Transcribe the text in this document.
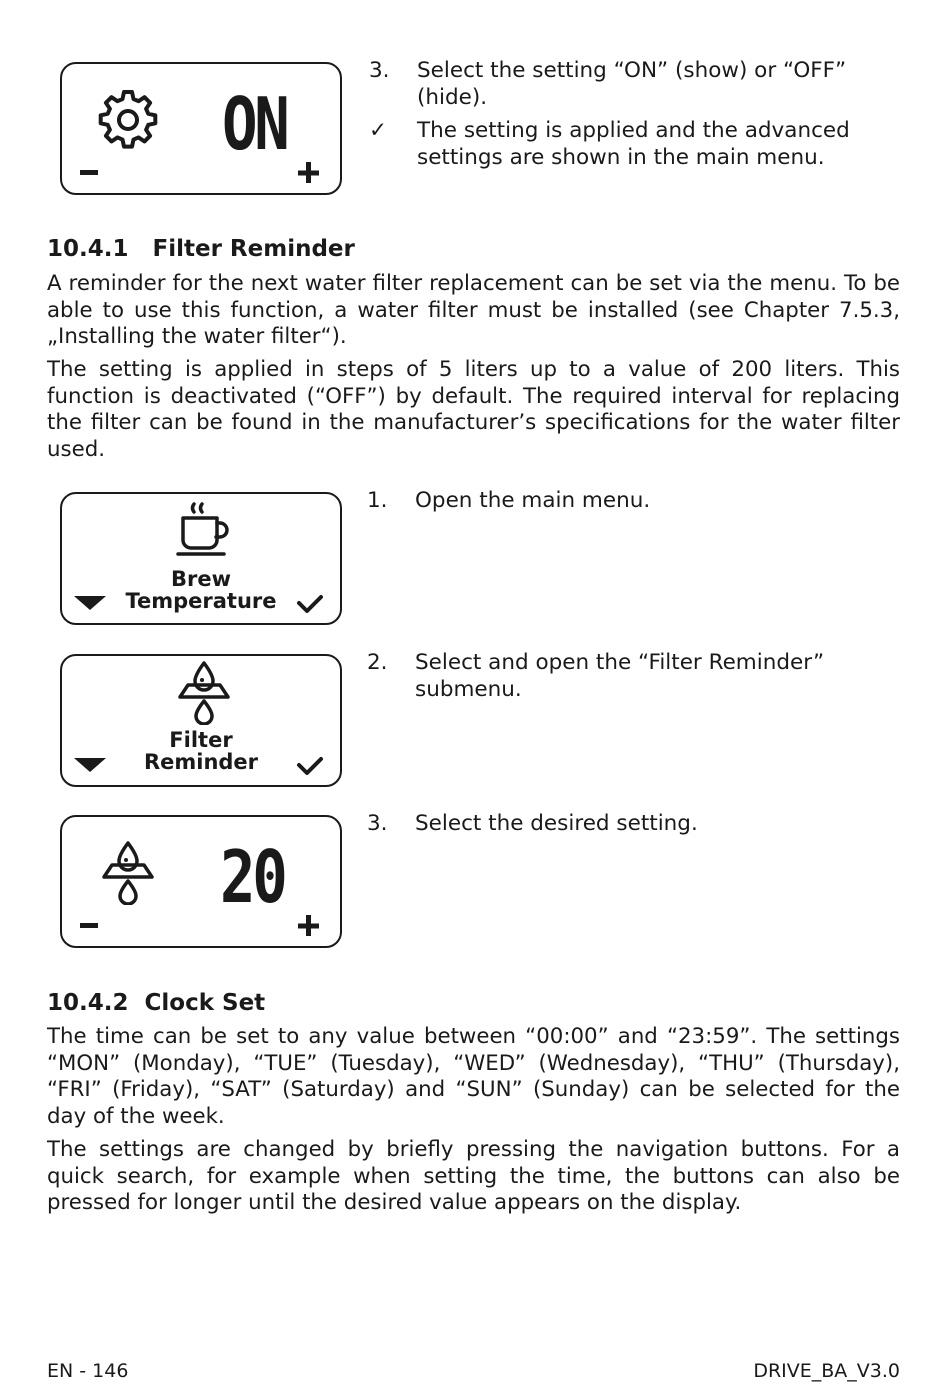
ON
3. Select the setting “ON” (show) or “OFF” (hide).
✓ The setting is applied and the advanced settings are shown in the main menu.
10.4.1   Filter Reminder
A reminder for the next water filter replacement can be set via the menu. To be able to use this function, a water filter must be installed (see Chapter 7.5.3, „Installing the water filter“).
The setting is applied in steps of 5 liters up to a value of 200 liters. This function is deactivated (“OFF”) by default. The required interval for replacing the filter can be found in the manufacturer’s specifications for the water filter used.
Brew
Temperature
1. Open the main menu.
Filter
Reminder
2. Select and open the “Filter Reminder” submenu.
20
3. Select the desired setting.
10.4.2  Clock Set
The time can be set to any value between “00:00” and “23:59”. The settings “MON” (Monday), “TUE” (Tuesday), “WED” (Wednesday), “THU” (Thursday), “FRI” (Friday), “SAT” (Saturday) and “SUN” (Sunday) can be selected for the day of the week.
The settings are changed by briefly pressing the navigation buttons. For a quick search, for example when setting the time, the buttons can also be pressed for longer until the desired value appears on the display.
EN - 146	DRIVE_BA_V3.0
